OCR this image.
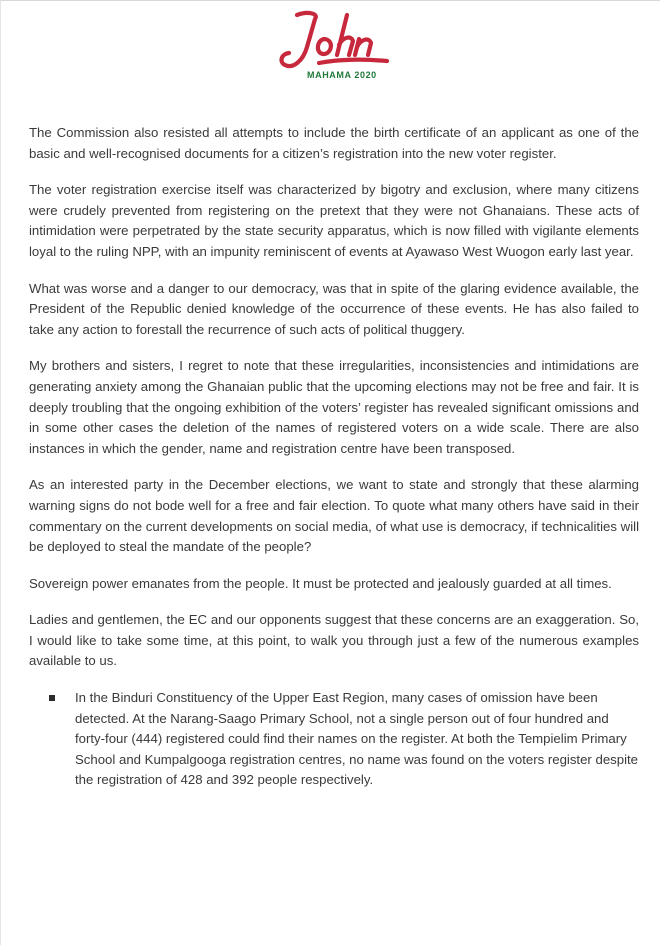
MAHAMA 2020

The Commission also resisted all attempts to include the birth certificate of an applicant as one of the basic and well-recognised documents for a citizen’s registration into the new voter register.

The voter registration exercise itself was characterized by bigotry and exclusion, where many citizens were crudely prevented from registering on the pretext that they were not Ghanaians. These acts of intimidation were perpetrated by the state security apparatus, which is now filled with vigilante elements loyal to the ruling NPP, with an impunity reminiscent of events at Ayawaso West Wuogon early last year.

What was worse and a danger to our democracy, was that in spite of the glaring evidence available, the President of the Republic denied knowledge of the occurrence of these events. He has also failed to take any action to forestall the recurrence of such acts of political thuggery.

My brothers and sisters, I regret to note that these irregularities, inconsistencies and intimidations are generating anxiety among the Ghanaian public that the upcoming elections may not be free and fair. It is deeply troubling that the ongoing exhibition of the voters’ register has revealed significant omissions and in some other cases the deletion of the names of registered voters on a wide scale. There are also instances in which the gender, name and registration centre have been transposed.

As an interested party in the December elections, we want to state and strongly that these alarming warning signs do not bode well for a free and fair election. To quote what many others have said in their commentary on the current developments on social media, of what use is democracy, if technicalities will be deployed to steal the mandate of the people?

Sovereign power emanates from the people. It must be protected and jealously guarded at all times.

Ladies and gentlemen, the EC and our opponents suggest that these concerns are an exaggeration. So, I would like to take some time, at this point, to walk you through just a few of the numerous examples available to us.

In the Binduri Constituency of the Upper East Region, many cases of omission have been detected. At the Narang-Saago Primary School, not a single person out of four hundred and forty-four (444) registered could find their names on the register. At both the Tempielim Primary School and Kumpalgooga registration centres, no name was found on the voters register despite the registration of 428 and 392 people respectively.
